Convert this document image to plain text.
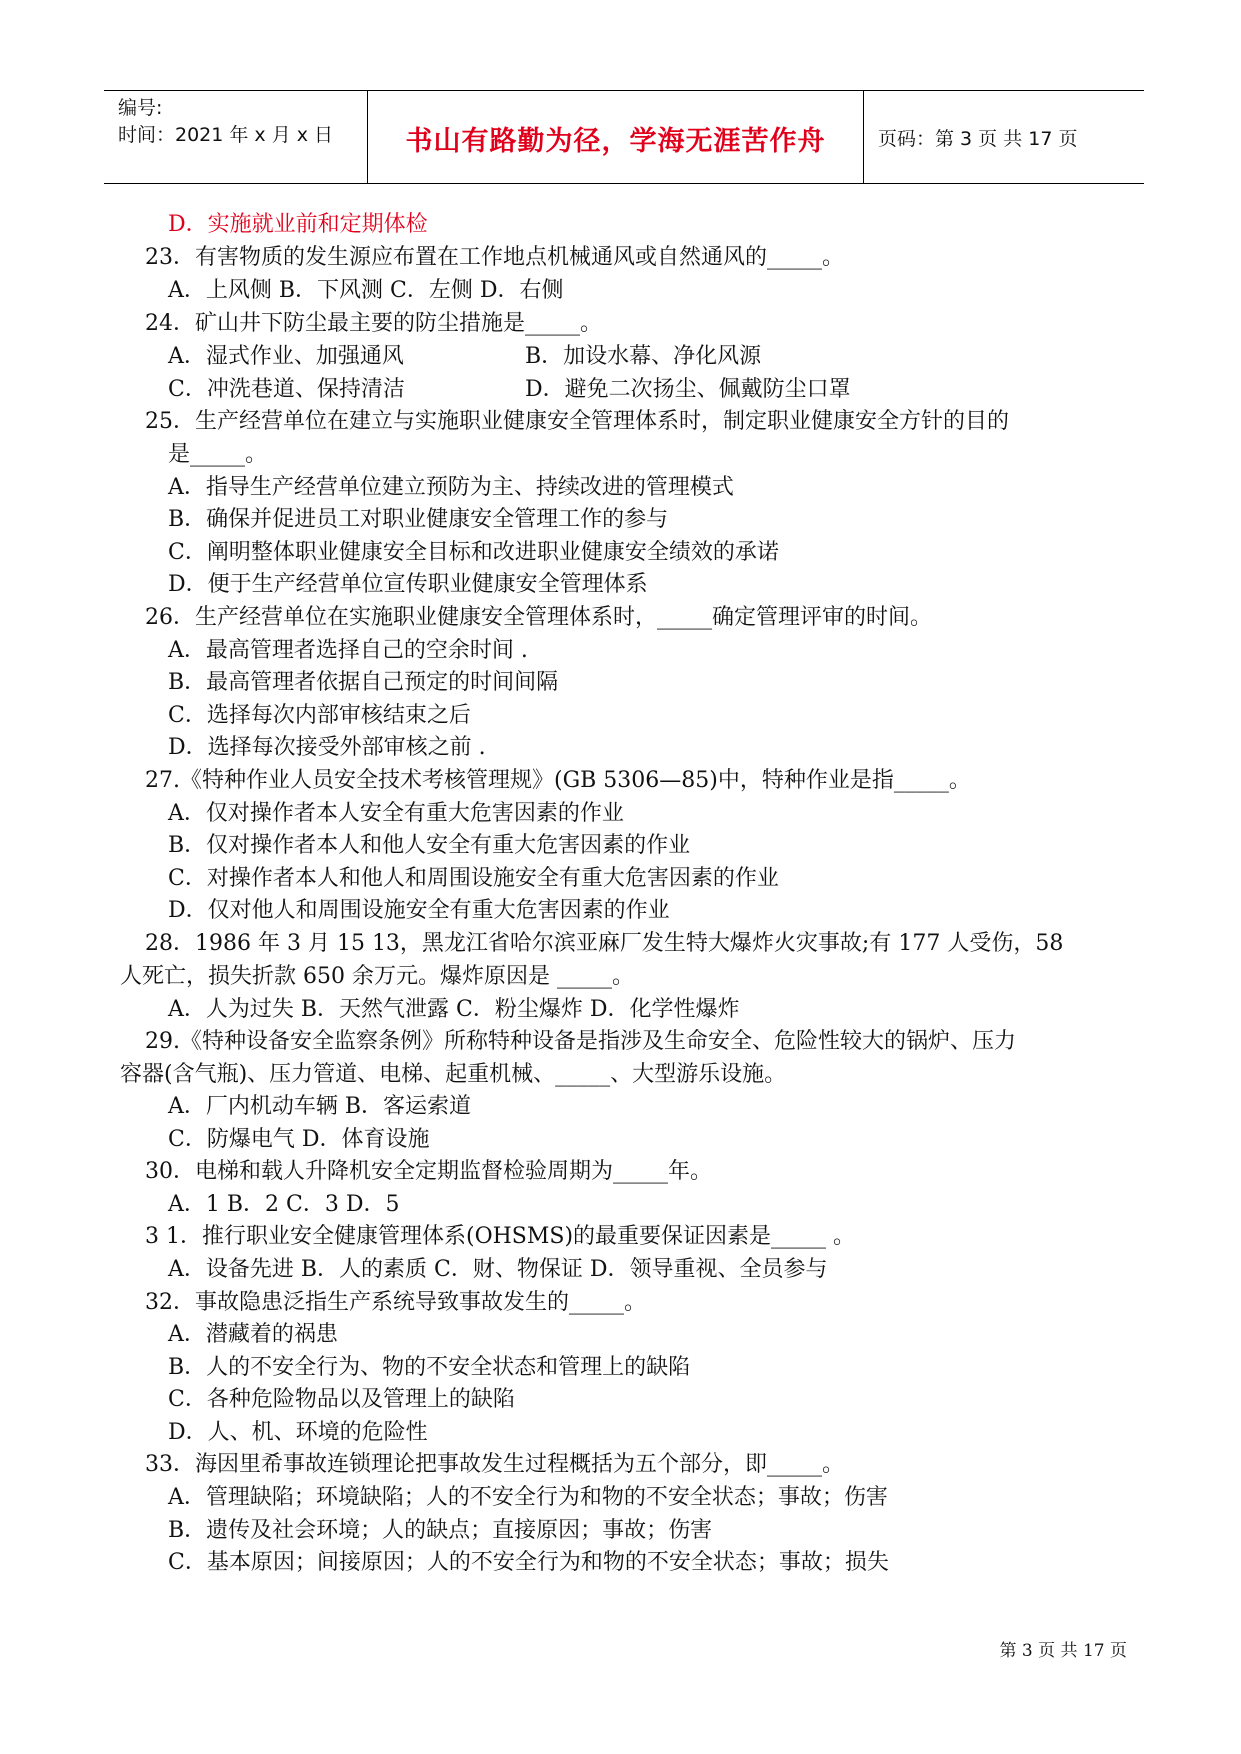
编号:
时间：2021 年 x 月 x 日	书山有路勤为径，学海无涯苦作舟	页码：第 3 页 共 17 页
D．实施就业前和定期体检
23．有害物质的发生源应布置在工作地点机械通风或自然通风的_____。
A．上风侧 B．下风测 C．左侧 D．右侧
24．矿山井下防尘最主要的防尘措施是_____。
A．湿式作业、加强通风	B．加设水幕、净化风源
C．冲洗巷道、保持清洁	D．避免二次扬尘、佩戴防尘口罩
25．生产经营单位在建立与实施职业健康安全管理体系时，制定职业健康安全方针的目的
是_____。
A．指导生产经营单位建立预防为主、持续改进的管理模式
B．确保并促进员工对职业健康安全管理工作的参与
C．阐明整体职业健康安全目标和改进职业健康安全绩效的承诺
D．便于生产经营单位宣传职业健康安全管理体系
26．生产经营单位在实施职业健康安全管理体系时，_____确定管理评审的时间。
A．最高管理者选择自己的空余时间 .
B．最高管理者依据自己预定的时间间隔
C．选择每次内部审核结束之后
D．选择每次接受外部审核之前 .
27.《特种作业人员安全技术考核管理规》(GB 5306—85)中，特种作业是指_____。
A．仅对操作者本人安全有重大危害因素的作业
B．仅对操作者本人和他人安全有重大危害因素的作业
C．对操作者本人和他人和周围设施安全有重大危害因素的作业
D．仅对他人和周围设施安全有重大危害因素的作业
28．1986 年 3 月 15 13，黑龙江省哈尔滨亚麻厂发生特大爆炸火灾事故;有 177 人受伤，58
人死亡，损失折款 650 余万元。爆炸原因是 _____。
A．人为过失 B．天然气泄露 C．粉尘爆炸 D．化学性爆炸
29.《特种设备安全监察条例》所称特种设备是指涉及生命安全、危险性较大的锅炉、压力
容器(含气瓶)、压力管道、电梯、起重机械、_____、大型游乐设施。
A．厂内机动车辆 B．客运索道
C．防爆电气 D．体育设施
30．电梯和载人升降机安全定期监督检验周期为_____年。
A．1 B．2 C．3 D．5
3 1．推行职业安全健康管理体系(OHSMS)的最重要保证因素是_____ 。
A．设备先进 B．人的素质 C．财、物保证 D．领导重视、全员参与
32．事故隐患泛指生产系统导致事故发生的_____。
A．潜藏着的祸患
B．人的不安全行为、物的不安全状态和管理上的缺陷
C．各种危险物品以及管理上的缺陷
D．人、机、环境的危险性
33．海因里希事故连锁理论把事故发生过程概括为五个部分，即_____。
A．管理缺陷；环境缺陷；人的不安全行为和物的不安全状态；事故；伤害
B．遗传及社会环境；人的缺点；直接原因；事故；伤害
C．基本原因；间接原因；人的不安全行为和物的不安全状态；事故；损失
第 3 页 共 17 页
